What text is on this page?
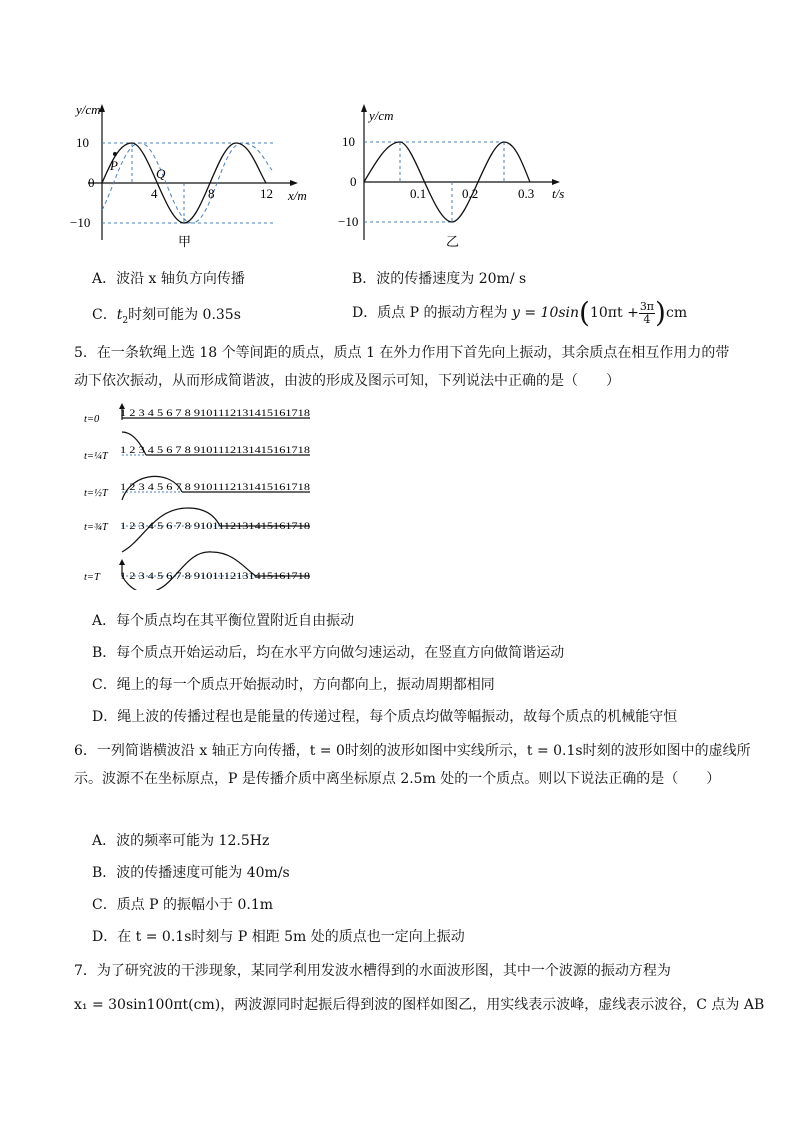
y/cm
10
0
−10
4	8	12 x/m
P
Q
甲
y/cm
10
0
−10
0.1	0.2	0.3 t/s
乙
A．波沿 x 轴负方向传播	B．波的传播速度为 20m/ s
C．$t_2$时刻可能为 0.35s	D．质点 P 的振动方程为 $y = 10\sin(10\pi t + \frac{3\pi}{4} )cm$
5．在一条软绳上选 18 个等间距的质点，质点 1 在外力作用下首先向上振动，其余质点在相互作用力的带
动下依次振动，从而形成简谐波，由波的形成及图示可知，下列说法中正确的是（　　）
t=0
t=¼T
t=½T
t=¾T
t=T
1 2 3 4 5 6 7 8 9101112131415161718
1 2 3 4 5 6 7 8 9101112131415161718
1 2 3 4 5 6 7 8 9101112131415161718
1 2 3 4 5 6 7 8 9101112131415161718
1 2 3 4 5 6 7 8 9101112131415161718
A．每个质点均在其平衡位置附近自由振动
B．每个质点开始运动后，均在水平方向做匀速运动，在竖直方向做简谐运动
C．绳上的每一个质点开始振动时，方向都向上，振动周期都相同
D．绳上波的传播过程也是能量的传递过程，每个质点均做等幅振动，故每个质点的机械能守恒
6．一列简谐横波沿 x 轴正方向传播，t = 0时刻的波形如图中实线所示，t = 0.1s时刻的波形如图中的虚线所
示。波源不在坐标原点，P 是传播介质中离坐标原点 2.5m 处的一个质点。则以下说法正确的是（　　）
A．波的频率可能为 12.5Hz
B．波的传播速度可能为 40m/s
C．质点 P 的振幅小于 0.1m
D．在 t = 0.1s时刻与 P 相距 5m 处的质点也一定向上振动
7．为了研究波的干涉现象，某同学利用发波水槽得到的水面波形图，其中一个波源的振动方程为
x₁ = 30sin100πt(cm)，两波源同时起振后得到波的图样如图乙，用实线表示波峰，虚线表示波谷，C 点为 AB
